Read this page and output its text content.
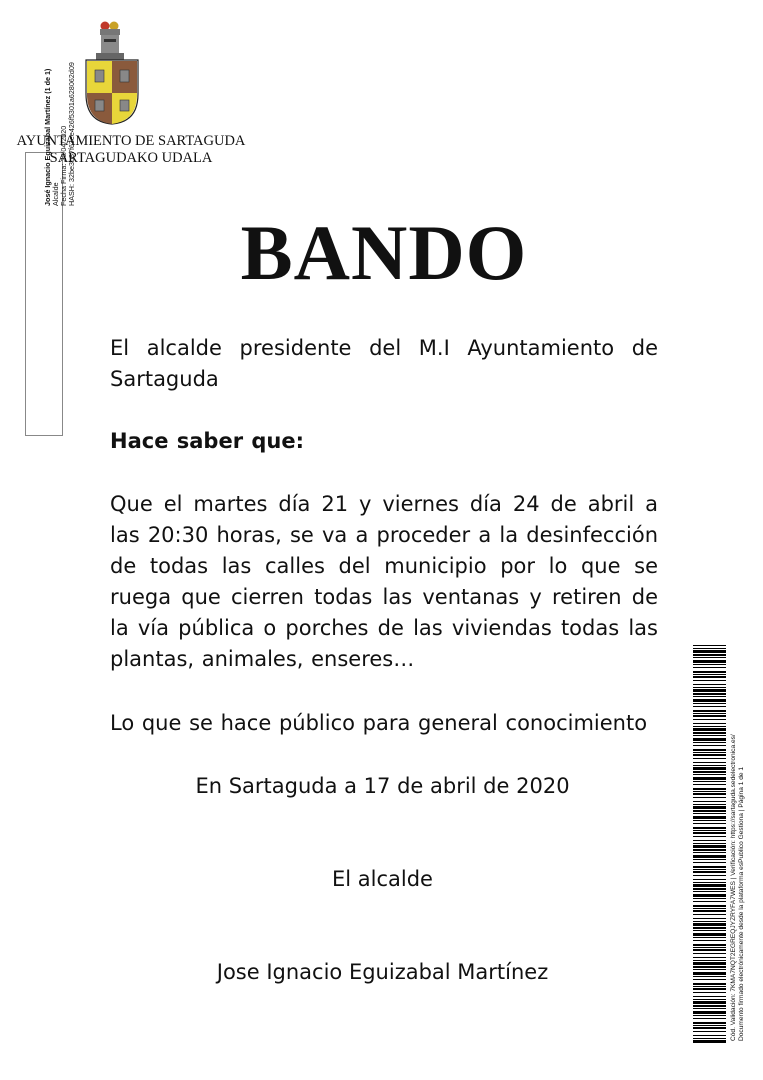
AYUNTAMIENTO DE SARTAGUDA
SARTAGUDAKO UDALA
José Ignacio Eguizabal Martínez (1 de 1) Alcalde Fecha Firma: 20/04/2020 HASH: 32be3b87f63ee426f5301a628062d09
BANDO
El alcalde presidente del M.I Ayuntamiento de Sartaguda
Hace saber que:
Que el martes día 21 y viernes día 24 de abril a las 20:30 horas, se va a proceder a la desinfección de todas las calles del municipio por lo que se ruega que cierren todas las ventanas y retiren de la vía pública o porches de las viviendas todas las plantas, animales, enseres…
Lo que se hace público para general conocimiento
En Sartaguda a 17 de abril de 2020
El alcalde
Jose Ignacio Eguizabal Martínez	Cód. Validación: 7KMA7NQT2EGREQJYZRYFA7WES | Verificación: https://sartaguda.sedelectronica.es/ Documento firmado electrónicamente desde la plataforma esPublico Gestiona | Página 1 de 1
